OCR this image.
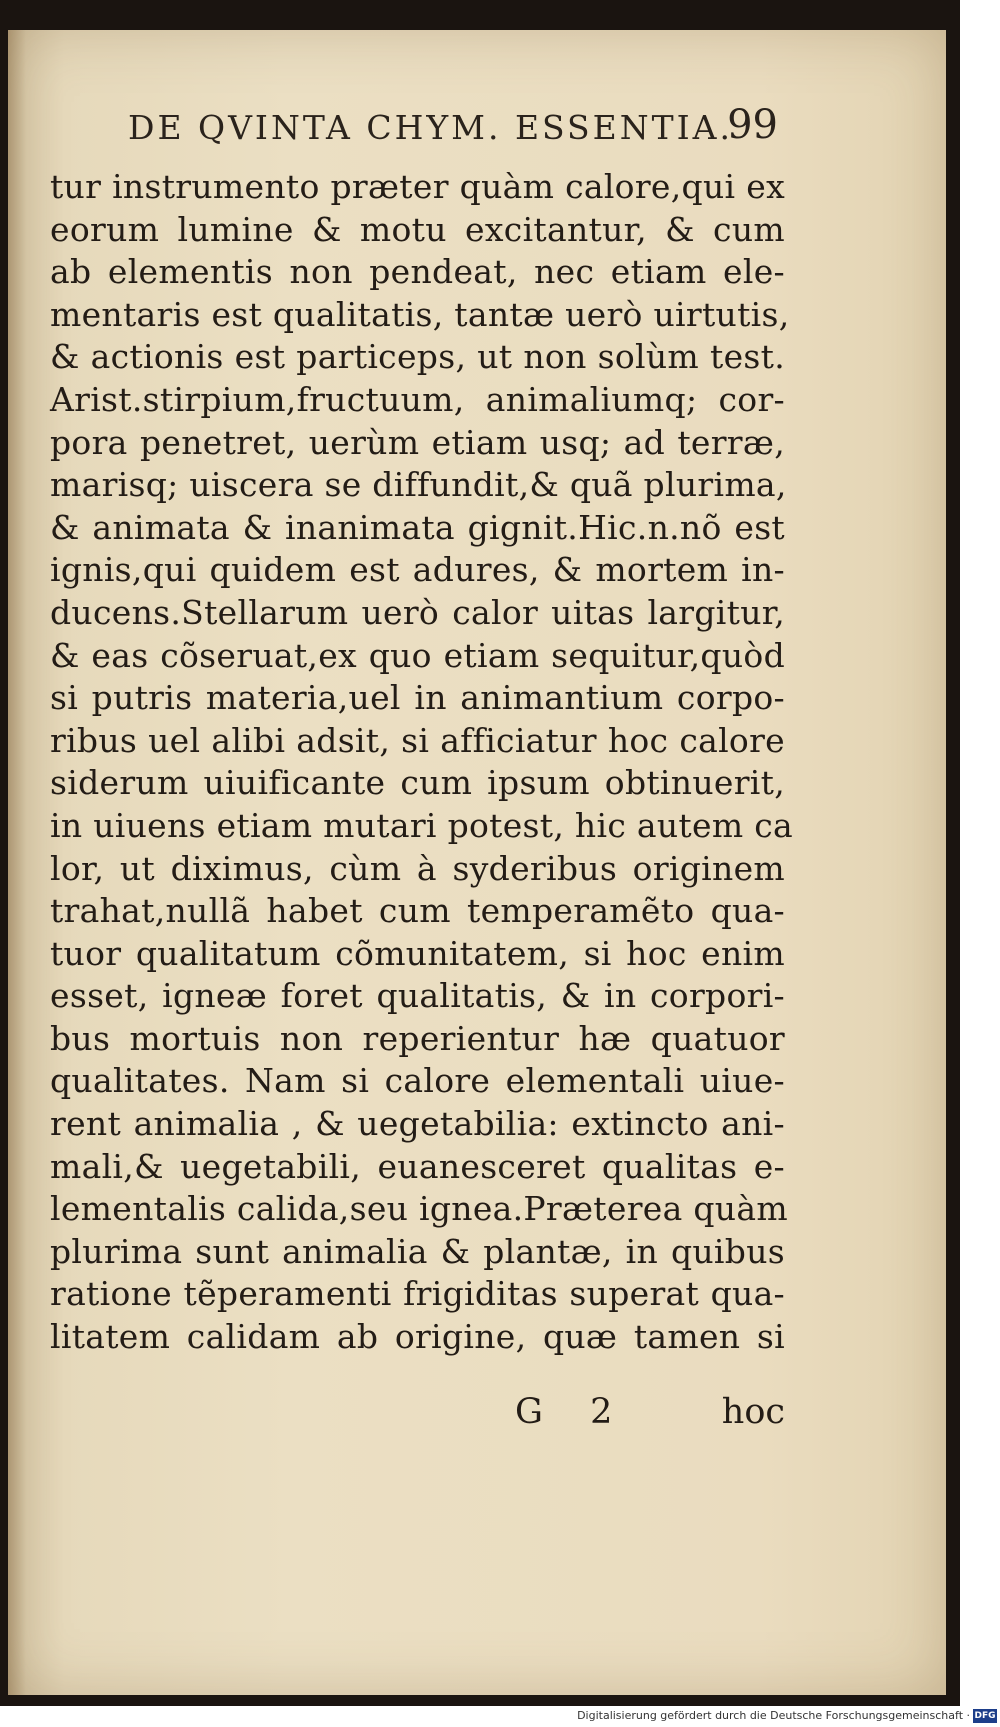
DE QVINTA CHYM. ESSENTIA.
99
tur instrumento præter quàm calore,qui ex
eorum lumine & motu excitantur, & cum
ab elementis non pendeat, nec etiam ele-
mentaris est qualitatis, tantæ uerò uirtutis,
& actionis est particeps, ut non solùm test.
Arist.stirpium,fructuum, animaliumq; cor-
pora penetret, uerùm etiam usq; ad terræ,
marisq; uiscera se diffundit,& quã plurima,
& animata & inanimata gignit.Hic.n.nõ est
ignis,qui quidem est adures, & mortem in-
ducens.Stellarum uerò calor uitas largitur,
& eas cõseruat,ex quo etiam sequitur,quòd
si putris materia,uel in animantium corpo-
ribus uel alibi adsit, si afficiatur hoc calore
siderum uiuificante cum ipsum obtinuerit,
in uiuens etiam mutari potest, hic autem ca
lor, ut diximus, cùm à syderibus originem
trahat,nullã habet cum temperamẽto qua-
tuor qualitatum cõmunitatem, si hoc enim
esset, igneæ foret qualitatis, & in corpori-
bus mortuis non reperientur hæ quatuor
qualitates. Nam si calore elementali uiue-
rent animalia , & uegetabilia: extincto ani-
mali,& uegetabili, euanesceret qualitas e-
lementalis calida,seu ignea.Præterea quàm
plurima sunt animalia & plantæ, in quibus
ratione tẽperamenti frigiditas superat qua-
litatem calidam ab origine, quæ tamen si
G 2	hoc
Digitalisierung gefördert durch die Deutsche Forschungsgemeinschaft · DFG
